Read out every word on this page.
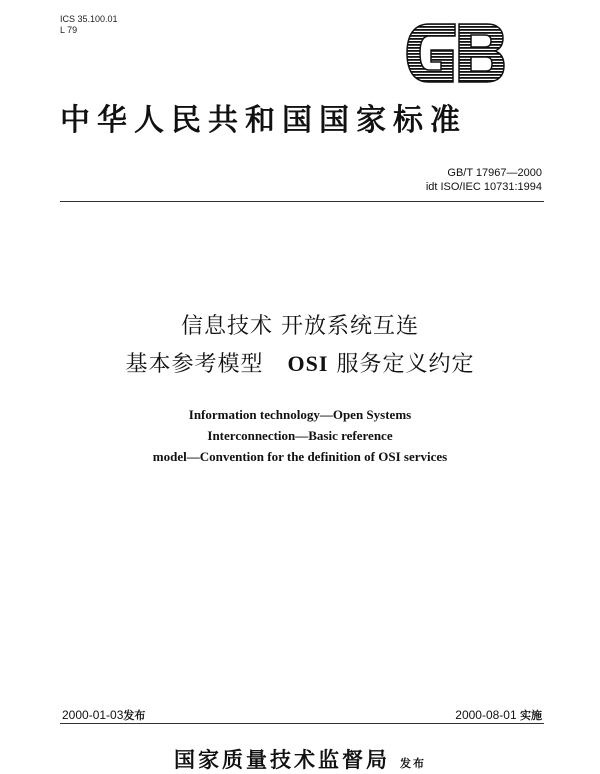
ICS 35.100.01
L 79
中华人民共和国国家标准
GB/T 17967—2000
idt ISO/IEC 10731:1994
信息技术 开放系统互连
基本参考模型   OSI 服务定义约定
Information technology—Open Systems
Interconnection—Basic reference
model—Convention for the definition of OSI services
2000-01-03发布	2000-08-01 实施
国家质量技术监督局 发布
